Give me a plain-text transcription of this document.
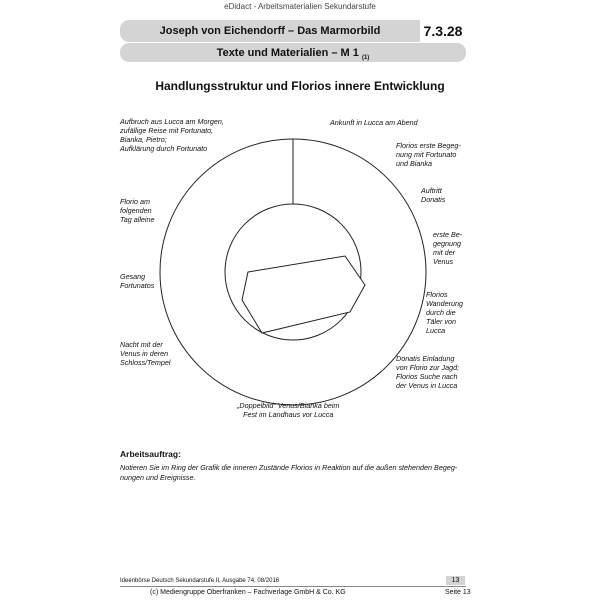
eDidact - Arbeitsmaterialien Sekundarstufe
Joseph von Eichendorff – Das Marmorbild	7.3.28
Texte und Materialien – M 1 $_{(1)}$
Handlungsstruktur und Florios innere Entwicklung
Aufbruch aus Lucca am Morgen,
zufällige Reise mit Fortunato,
Bianka, Pietro;
Aufklärung durch Fortunato
Ankunft in Lucca am Abend
Florios erste Begeg-
nung mit Fortunato
und Bianka
Auftritt
Donatis
erste Be-
gegnung
mit der
Venus
Florios
Wanderung
durch die
Täler von
Lucca
Donatis Einladung
von Florio zur Jagd;
Florios Suche nach
der Venus in Lucca
„Doppelbild“ Venus/Bianka beim
Fest im Landhaus vor Lucca
Nacht mit der
Venus in deren
Schloss/Tempel
Gesang
Fortunatos
Florio am
folgenden
Tag alleine
Arbeitsauftrag:
Notieren Sie im Ring der Grafik die inneren Zustände Florios in Reaktion auf die außen stehenden Begeg-
nungen und Ereignisse.
Ideenbörse Deutsch Sekundarstufe II, Ausgabe 74, 08/2016	13
(c) Mediengruppe Oberfranken – Fachverlage GmbH & Co. KG	Seite 13
